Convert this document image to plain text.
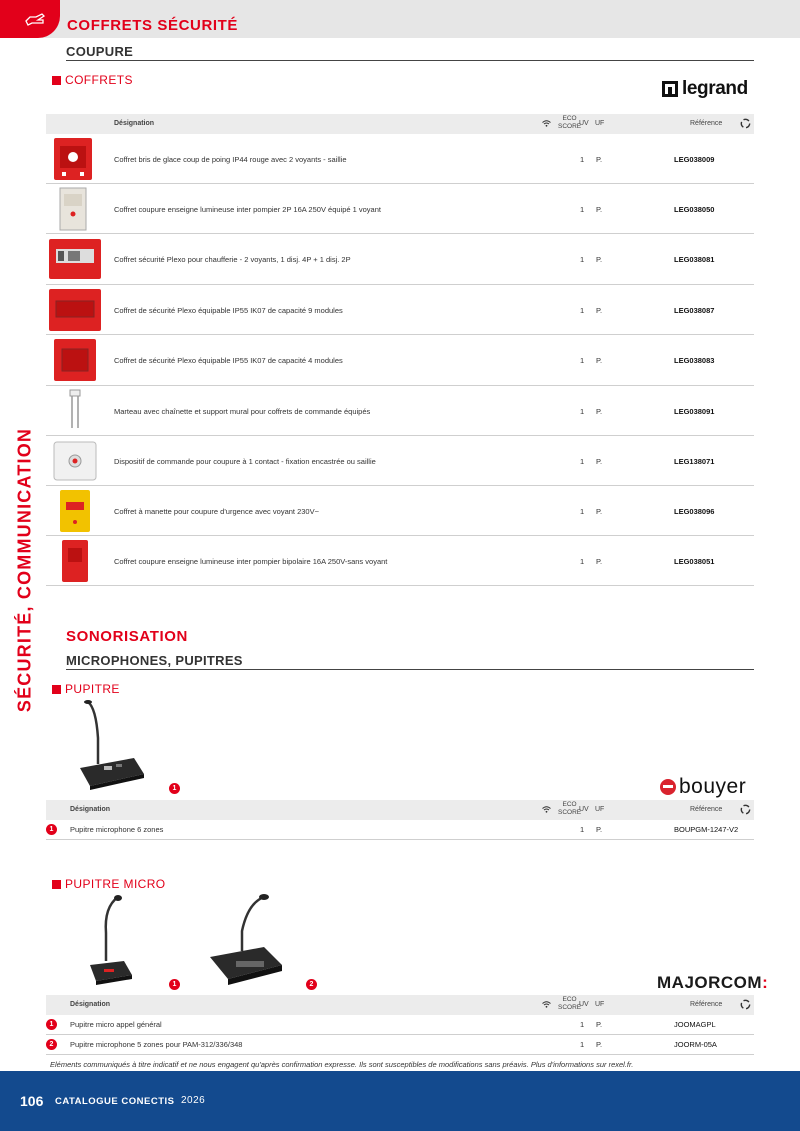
COFFRETS SÉCURITÉ
COUPURE
SÉCURITÉ, COMMUNICATION
COFFRETS	legrand
Désignation
ECO
SCORE
UV UF	Référence
Coffret bris de glace coup de poing IP44 rouge avec 2 voyants - saillie	1 P.	LEG038009
Coffret coupure enseigne lumineuse inter pompier 2P 16A 250V équipé 1 voyant	1 P.	LEG038050
Coffret sécurité Plexo pour chaufferie - 2 voyants, 1 disj. 4P + 1 disj. 2P	1 P.	LEG038081
Coffret de sécurité Plexo équipable IP55 IK07 de capacité 9 modules	1 P.	LEG038087
Coffret de sécurité Plexo équipable IP55 IK07 de capacité 4 modules	1 P.	LEG038083
Marteau avec chaînette et support mural pour coffrets de commande équipés	1 P.	LEG038091
Dispositif de commande pour coupure à 1 contact - fixation encastrée ou saillie	1 P.	LEG138071
Coffret à manette pour coupure d'urgence avec voyant 230V~	1 P.	LEG038096
Coffret coupure enseigne lumineuse inter pompier bipolaire 16A 250V-sans voyant	1 P.	LEG038051
SONORISATION
MICROPHONES, PUPITRES
PUPITRE
1	bouyer
Désignation
ECO
SCORE
UV UF	Référence
1	Pupitre microphone 6 zones	1 P.	BOUPGM-1247-V2
PUPITRE MICRO
1	2	MAJORCOM:
Désignation
ECO
SCORE
UV UF	Référence
1	Pupitre micro appel général	1 P.	JOOMAGPL
2	Pupitre microphone 5 zones pour PAM-312/336/348	1 P.	JOORM-05A
Eléments communiqués à titre indicatif et ne nous engagent qu'après confirmation expresse. Ils sont susceptibles de modifications sans préavis. Plus d'informations sur rexel.fr.
106 CATALOGUE CONECTIS 2026
